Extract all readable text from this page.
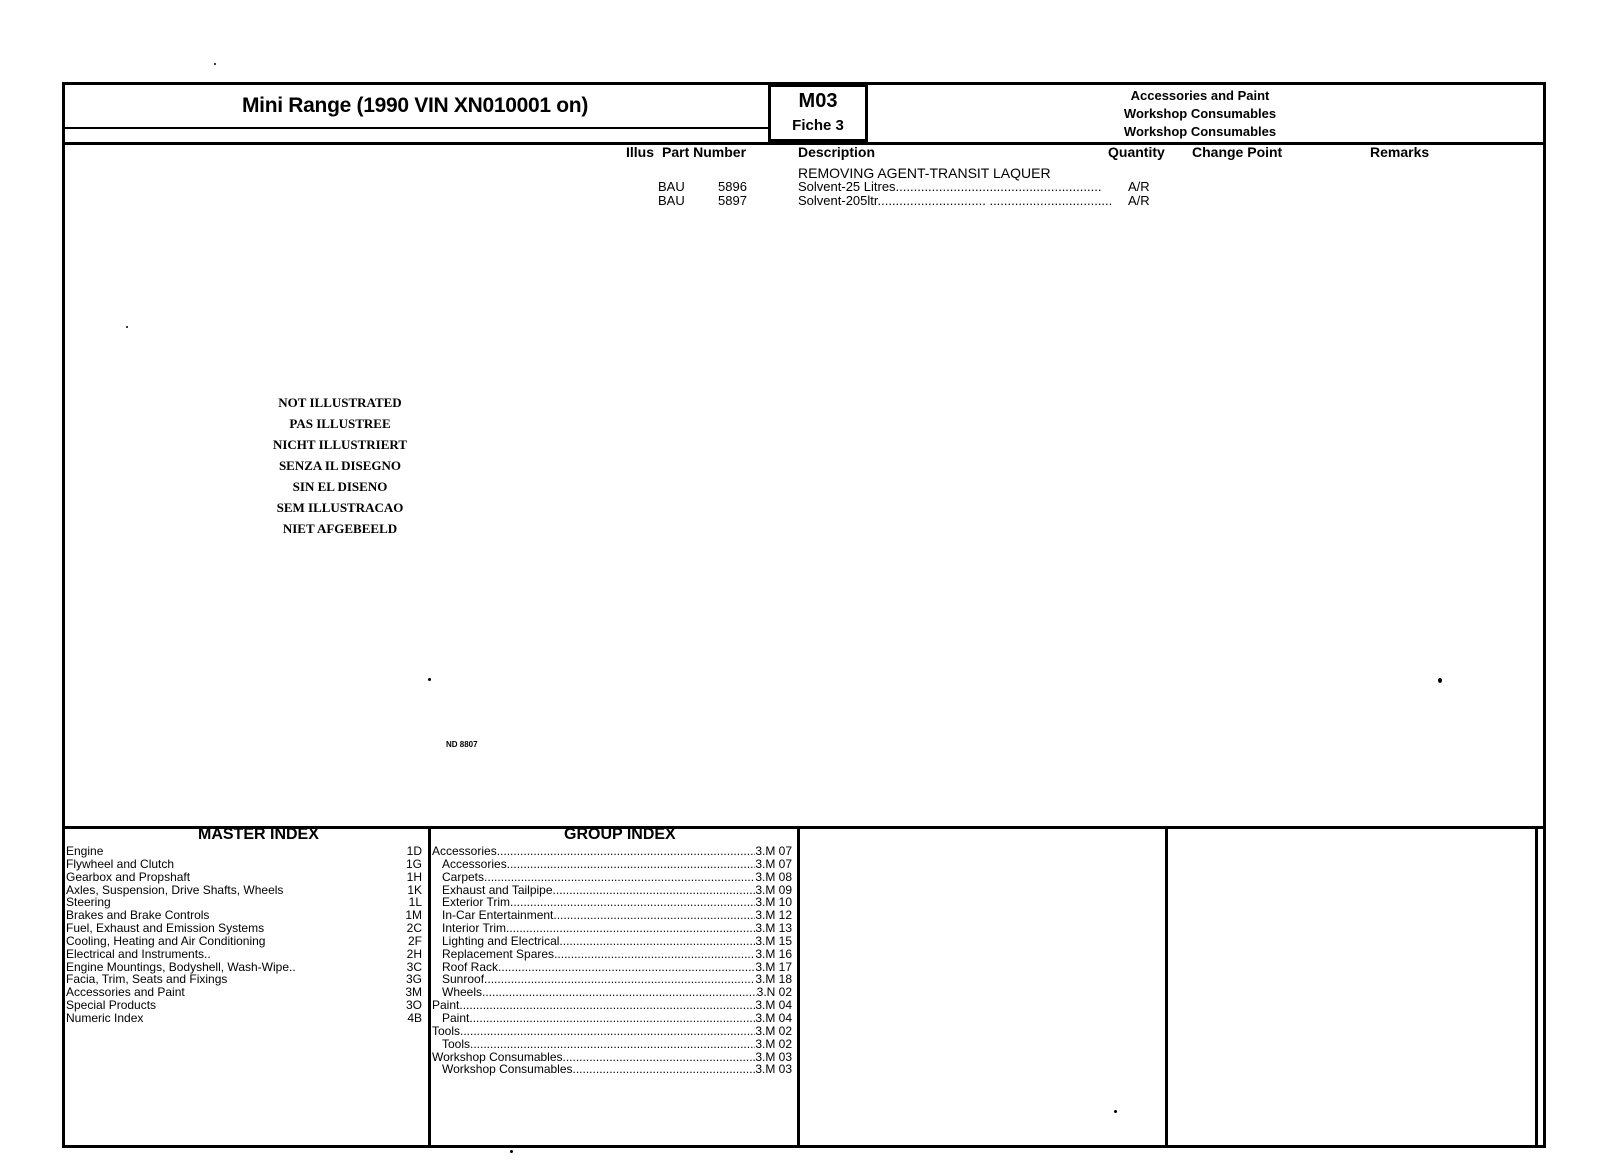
Mini Range (1990 VIN XN010001 on)	M03
Fiche 3
Accessories and Paint
Workshop Consumables
Workshop Consumables
Illus Part Number	Description	Quantity Change Point	Remarks
REMOVING AGENT-TRANSIT LAQUER
BAU	5896	Solvent-25 Litres.........................................................	A/R
BAU	5897	Solvent-205ltr.............................. ..................................	A/R
NOT ILLUSTRATED
PAS ILLUSTREE
NICHT ILLUSTRIERT
SENZA IL DISEGNO
SIN EL DISENO
SEM ILLUSTRACAO
NIET AFGEBEELD
ND 8807
MASTER INDEX
Engine	1D
Flywheel and Clutch	1G
Gearbox and Propshaft	1H
Axles, Suspension, Drive Shafts, Wheels	1K
Steering	1L
Brakes and Brake Controls	1M
Fuel, Exhaust and Emission Systems	2C
Cooling, Heating and Air Conditioning	2F
Electrical and Instruments..	2H
Engine Mountings, Bodyshell, Wash-Wipe..	3C
Facia, Trim, Seats and Fixings	3G
Accessories and Paint	3M
Special Products	3O
Numeric Index	4B
GROUP INDEX
Accessories .....	3.M 07
Accessories .....	3.M 07
Carpets .....	3.M 08
Exhaust and Tailpipe .....	3.M 09
Exterior Trim .....	3.M 10
In-Car Entertainment .....	3.M 12
Interior Trim .....	3.M 13
Lighting and Electrical .....	3.M 15
Replacement Spares .....	3.M 16
Roof Rack .....	3.M 17
Sunroof .....	3.M 18
Wheels .....	3.N 02
Paint .....	3.M 04
Paint .....	3.M 04
Tools .....	3.M 02
Tools .....	3.M 02
Workshop Consumables .....	3.M 03
Workshop Consumables .....	3.M 03
